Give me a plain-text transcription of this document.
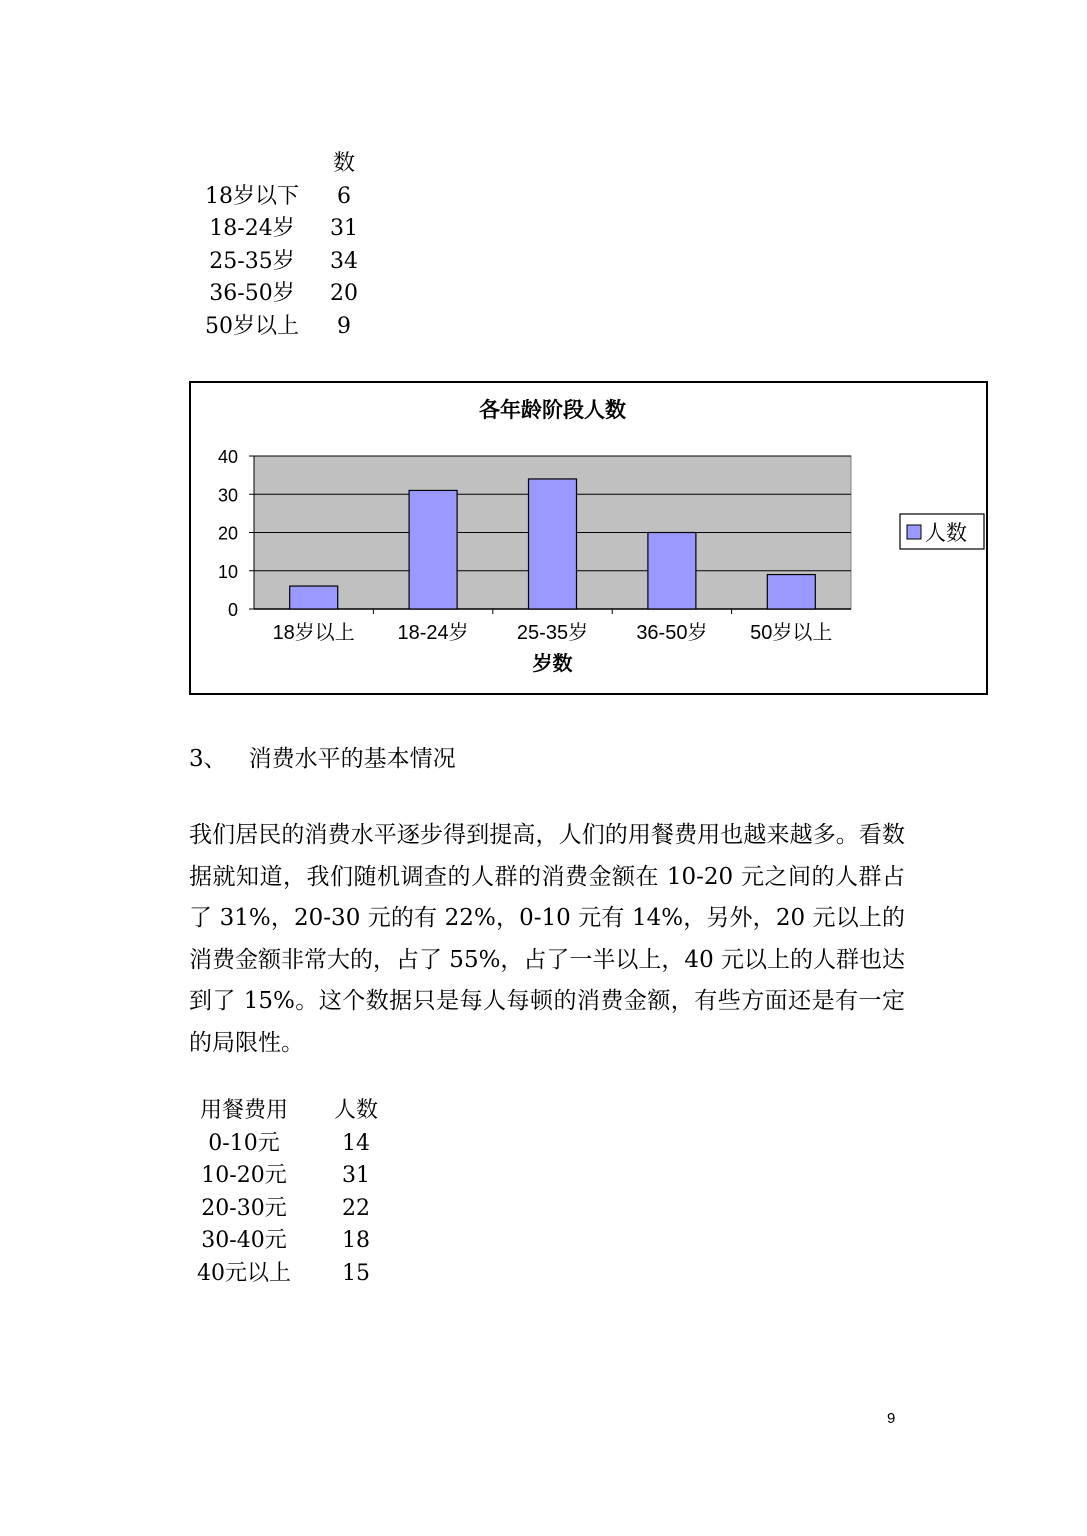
数
18岁以下	6
18-24岁	31
25-35岁	34
36-50岁	20
50岁以上	9
0
10
20
30
40
18岁以上 18-24岁 25-35岁 36-50岁 50岁以上
各年龄阶段人数
岁数
人数
3、 消费水平的基本情况

我们居民的消费水平逐步得到提高，人们的用餐费用也越来越多。看数据就知道，我们随机调查的人群的消费金额在 10-20 元之间的人群占了 31%，20-30 元的有 22%，0-10 元有 14%，另外，20 元以上的消费金额非常大的，占了 55%，占了一半以上，40 元以上的人群也达到了 15%。这个数据只是每人每顿的消费金额，有些方面还是有一定的局限性。

用餐费用	人数
0-10元	14
10-20元	31
20-30元	22
30-40元	18
40元以上	15
9
